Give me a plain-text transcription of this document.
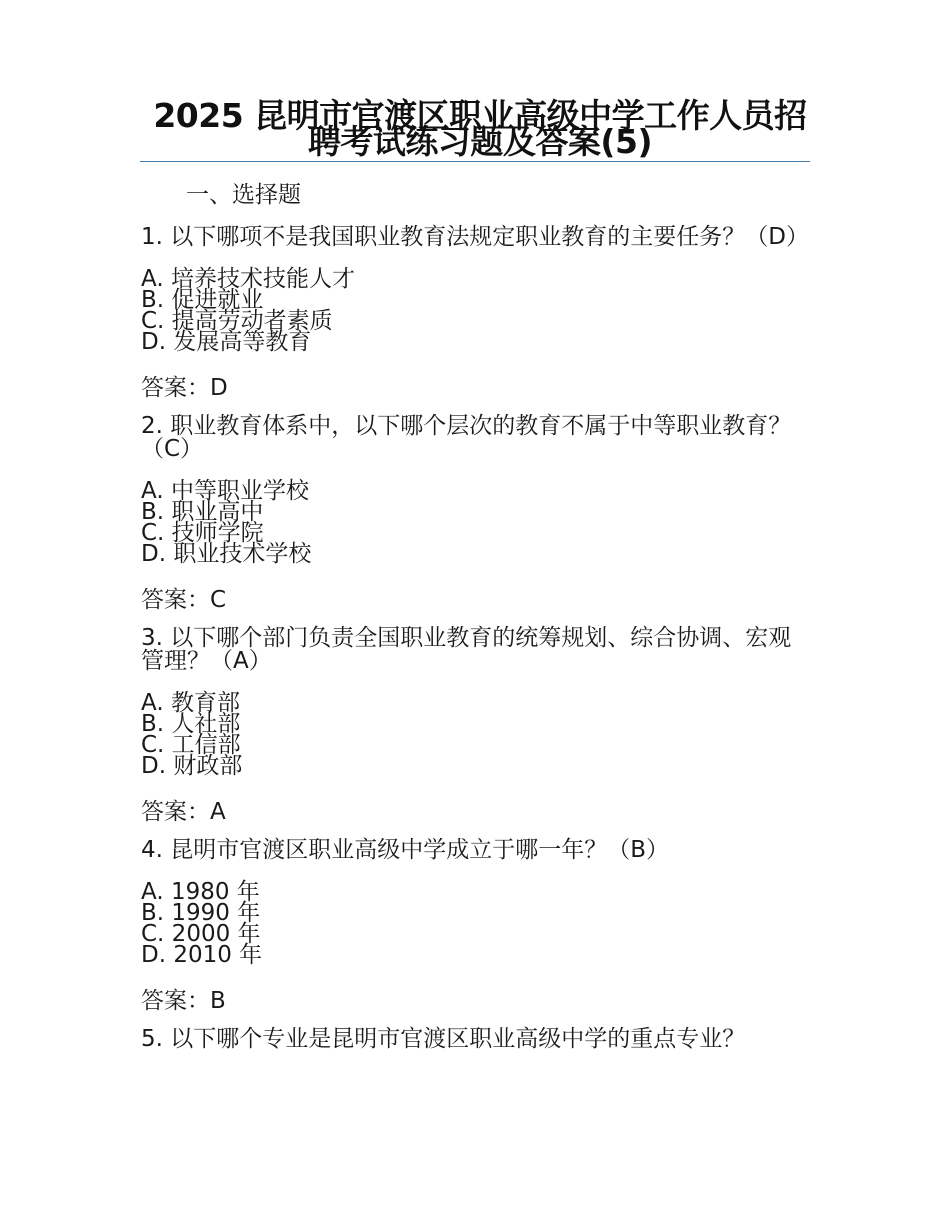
2025 昆明市官渡区职业高级中学工作人员招聘考试练习题及答案(5)
一、选择题
1. 以下哪项不是我国职业教育法规定职业教育的主要任务？（D）
A. 培养技术技能人才
B. 促进就业
C. 提高劳动者素质
D. 发展高等教育
答案：D
2. 职业教育体系中，以下哪个层次的教育不属于中等职业教育？（C）
A. 中等职业学校
B. 职业高中
C. 技师学院
D. 职业技术学校
答案：C
3. 以下哪个部门负责全国职业教育的统筹规划、综合协调、宏观管理？（A）
A. 教育部
B. 人社部
C. 工信部
D. 财政部
答案：A
4. 昆明市官渡区职业高级中学成立于哪一年？（B）
A. 1980 年
B. 1990 年
C. 2000 年
D. 2010 年
答案：B
5. 以下哪个专业是昆明市官渡区职业高级中学的重点专业？
